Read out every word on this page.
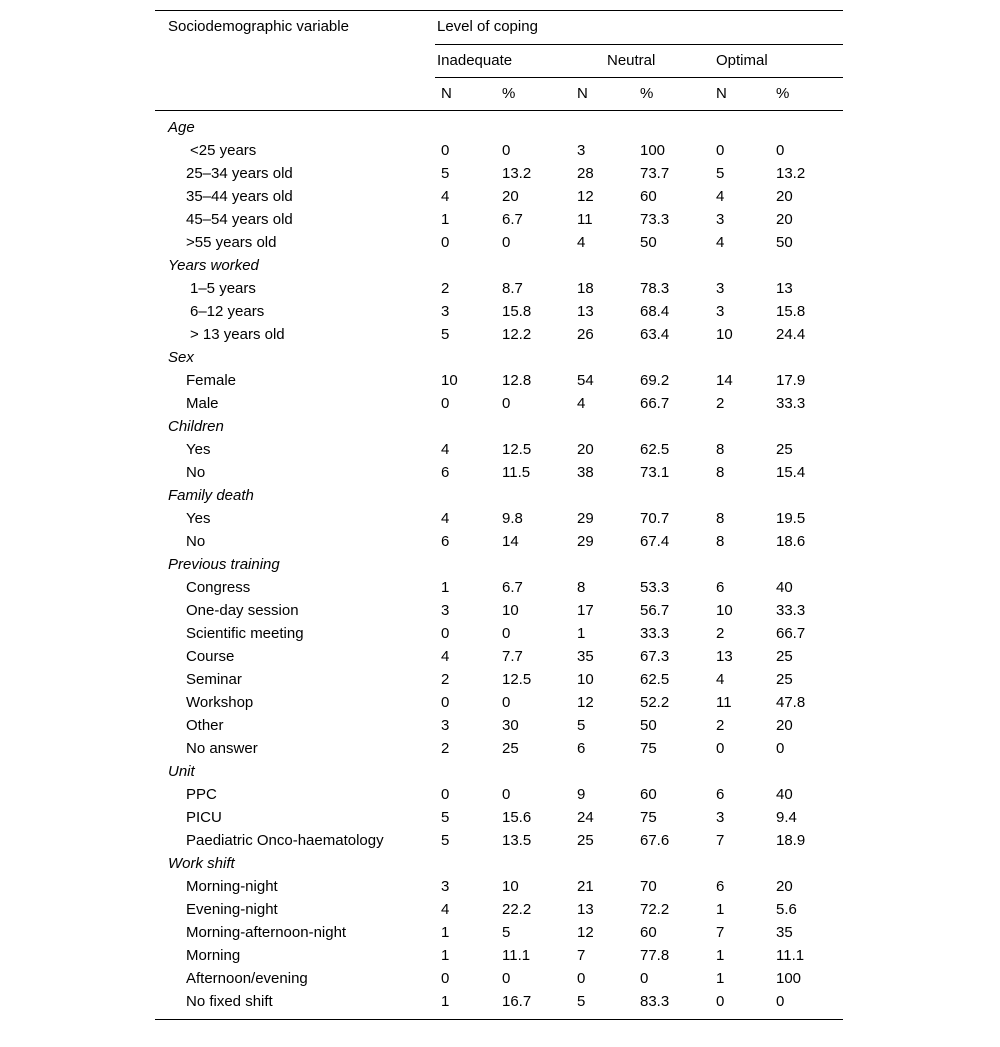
Sociodemographic variable	Level of coping
Inadequate	Neutral	Optimal
N	%	N	%	N	%
Age
<25 years	0	0	3	100	0	0
25–34 years old	5	13.2	28	73.7	5	13.2
35–44 years old	4	20	12	60	4	20
45–54 years old	1	6.7	11	73.3	3	20
>55 years old	0	0	4	50	4	50
Years worked
1–5 years	2	8.7	18	78.3	3	13
6–12 years	3	15.8	13	68.4	3	15.8
> 13 years old	5	12.2	26	63.4	10	24.4
Sex
Female	10	12.8	54	69.2	14	17.9
Male	0	0	4	66.7	2	33.3
Children
Yes	4	12.5	20	62.5	8	25
No	6	11.5	38	73.1	8	15.4
Family death
Yes	4	9.8	29	70.7	8	19.5
No	6	14	29	67.4	8	18.6
Previous training
Congress	1	6.7	8	53.3	6	40
One-day session	3	10	17	56.7	10	33.3
Scientific meeting	0	0	1	33.3	2	66.7
Course	4	7.7	35	67.3	13	25
Seminar	2	12.5	10	62.5	4	25
Workshop	0	0	12	52.2	11	47.8
Other	3	30	5	50	2	20
No answer	2	25	6	75	0	0
Unit
PPC	0	0	9	60	6	40
PICU	5	15.6	24	75	3	9.4
Paediatric Onco-haematology	5	13.5	25	67.6	7	18.9
Work shift
Morning-night	3	10	21	70	6	20
Evening-night	4	22.2	13	72.2	1	5.6
Morning-afternoon-night	1	5	12	60	7	35
Morning	1	11.1	7	77.8	1	11.1
Afternoon/evening	0	0	0	0	1	100
No fixed shift	1	16.7	5	83.3	0	0
